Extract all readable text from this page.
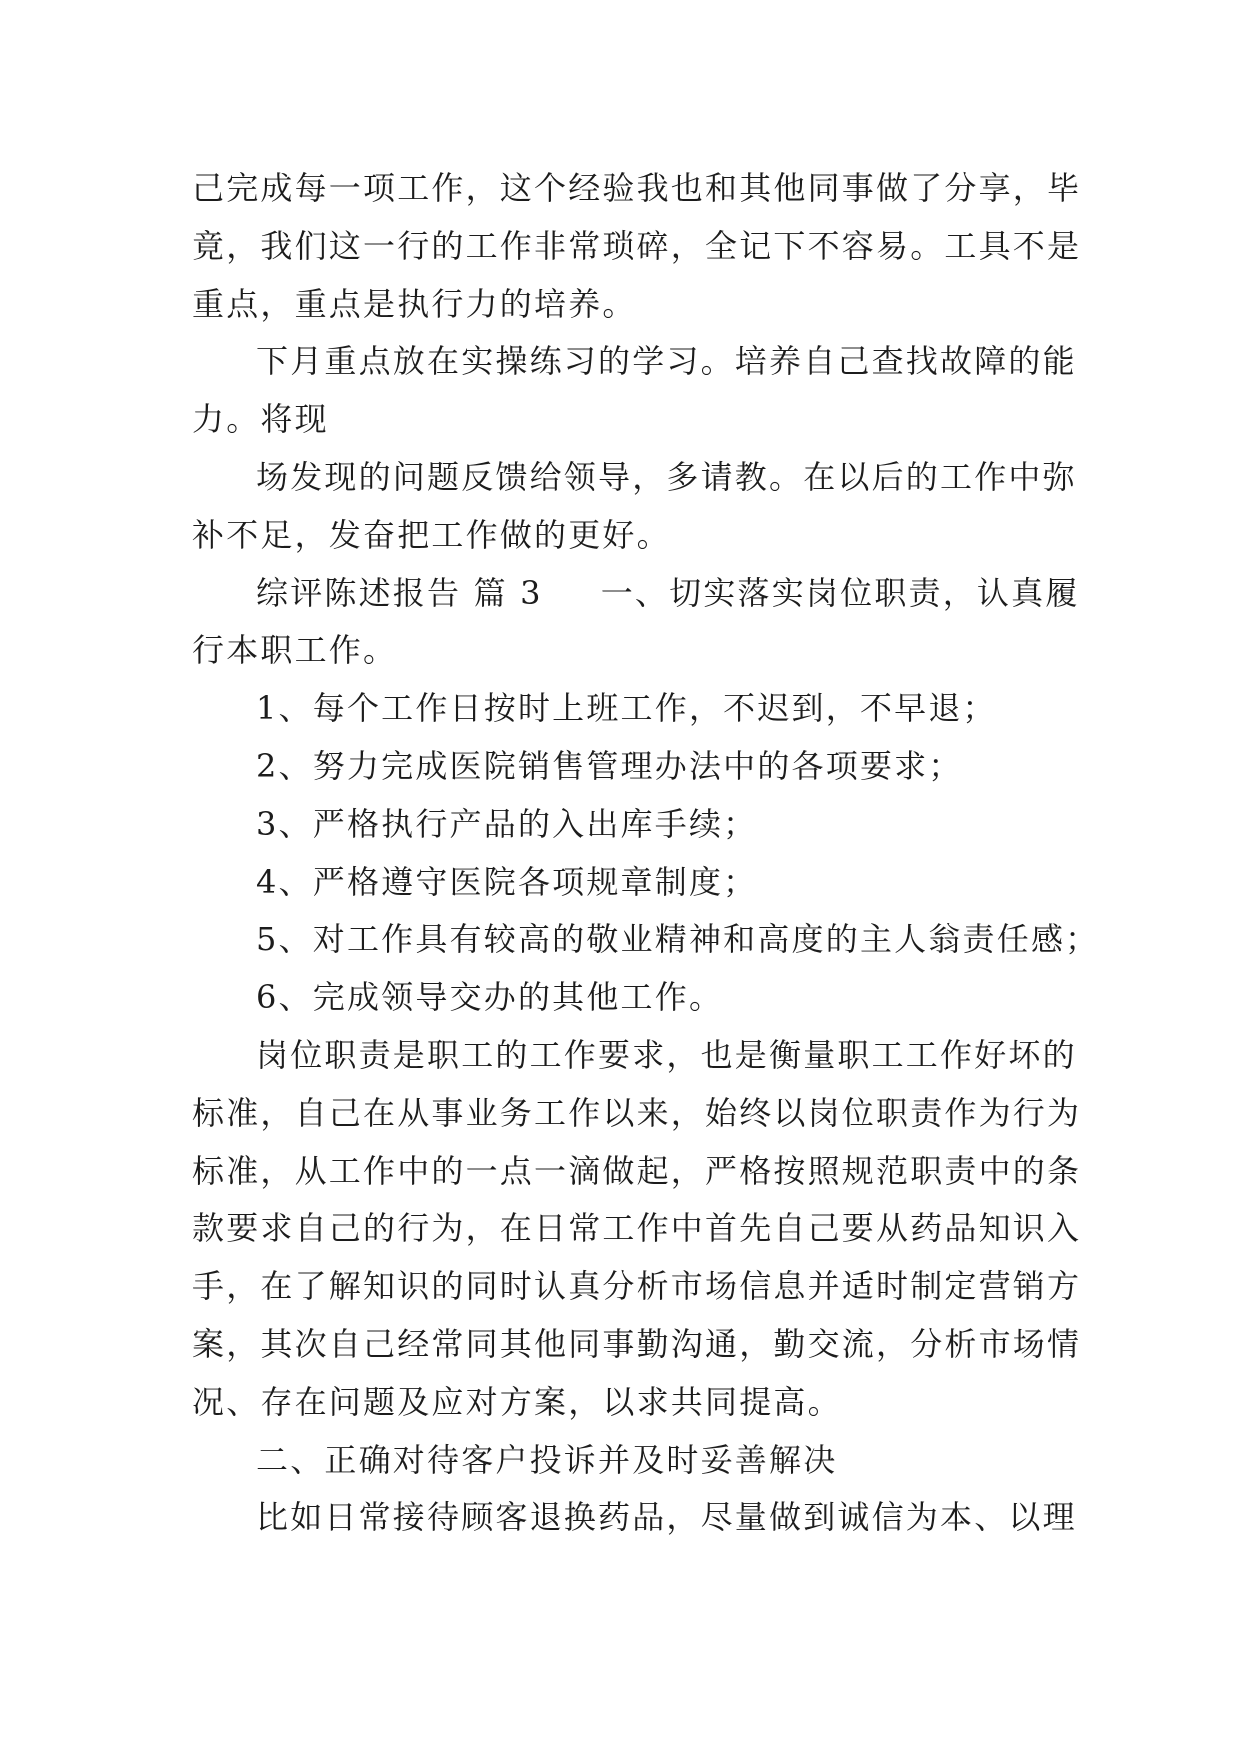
己完成每一项工作，这个经验我也和其他同事做了分享，毕
竟，我们这一行的工作非常琐碎，全记下不容易。工具不是
重点，重点是执行力的培养。
下月重点放在实操练习的学习。培养自己查找故障的能
力。将现
场发现的问题反馈给领导，多请教。在以后的工作中弥
补不足，发奋把工作做的更好。
综评陈述报告 篇 3 一、切实落实岗位职责，认真履
行本职工作。
1、每个工作日按时上班工作，不迟到，不早退；
2、努力完成医院销售管理办法中的各项要求；
3、严格执行产品的入出库手续；
4、严格遵守医院各项规章制度；
5、对工作具有较高的敬业精神和高度的主人翁责任感；
6、完成领导交办的其他工作。
岗位职责是职工的工作要求，也是衡量职工工作好坏的
标准，自己在从事业务工作以来，始终以岗位职责作为行为
标准，从工作中的一点一滴做起，严格按照规范职责中的条
款要求自己的行为，在日常工作中首先自己要从药品知识入
手，在了解知识的同时认真分析市场信息并适时制定营销方
案，其次自己经常同其他同事勤沟通，勤交流，分析市场情
况、存在问题及应对方案，以求共同提高。
二、正确对待客户投诉并及时妥善解决
比如日常接待顾客退换药品，尽量做到诚信为本、以理
